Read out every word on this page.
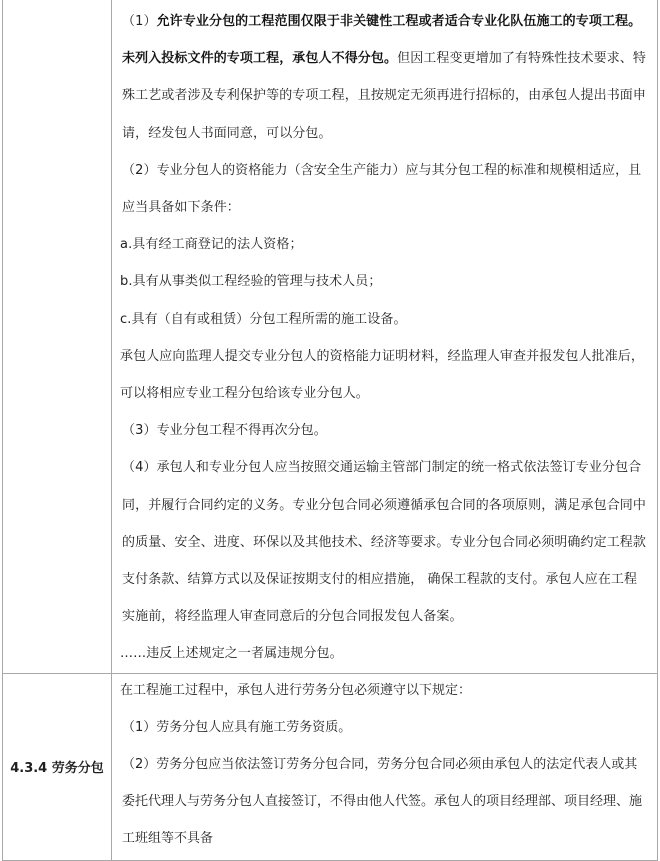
（1）允许专业分包的工程范围仅限于非关键性工程或者适合专业化队伍施工的专项工程。未列入投标文件的专项工程，承包人不得分包。但因工程变更增加了有特殊性技术要求、特殊工艺或者涉及专利保护等的专项工程，且按规定无须再进行招标的，由承包人提出书面申请，经发包人书面同意，可以分包。

（2）专业分包人的资格能力（含安全生产能力）应与其分包工程的标准和规模相适应，且应当具备如下条件：

a.具有经工商登记的法人资格；

b.具有从事类似工程经验的管理与技术人员；

c.具有（自有或租赁）分包工程所需的施工设备。

承包人应向监理人提交专业分包人的资格能力证明材料，经监理人审查并报发包人批准后，可以将相应专业工程分包给该专业分包人。

（3）专业分包工程不得再次分包。

（4）承包人和专业分包人应当按照交通运输主管部门制定的统一格式依法签订专业分包合同，并履行合同约定的义务。专业分包合同必须遵循承包合同的各项原则，满足承包合同中的质量、安全、进度、环保以及其他技术、经济等要求。专业分包合同必须明确约定工程款支付条款、结算方式以及保证按期支付的相应措施， 确保工程款的支付。承包人应在工程实施前，将经监理人审查同意后的分包合同报发包人备案。

……违反上述规定之一者属违规分包。

4.3.4 劳务分包	在工程施工过程中，承包人进行劳务分包必须遵守以下规定：

（1）劳务分包人应具有施工劳务资质。

（2）劳务分包应当依法签订劳务分包合同，劳务分包合同必须由承包人的法定代表人或其委托代理人与劳务分包人直接签订，不得由他人代签。承包人的项目经理部、项目经理、施工班组等不具备
